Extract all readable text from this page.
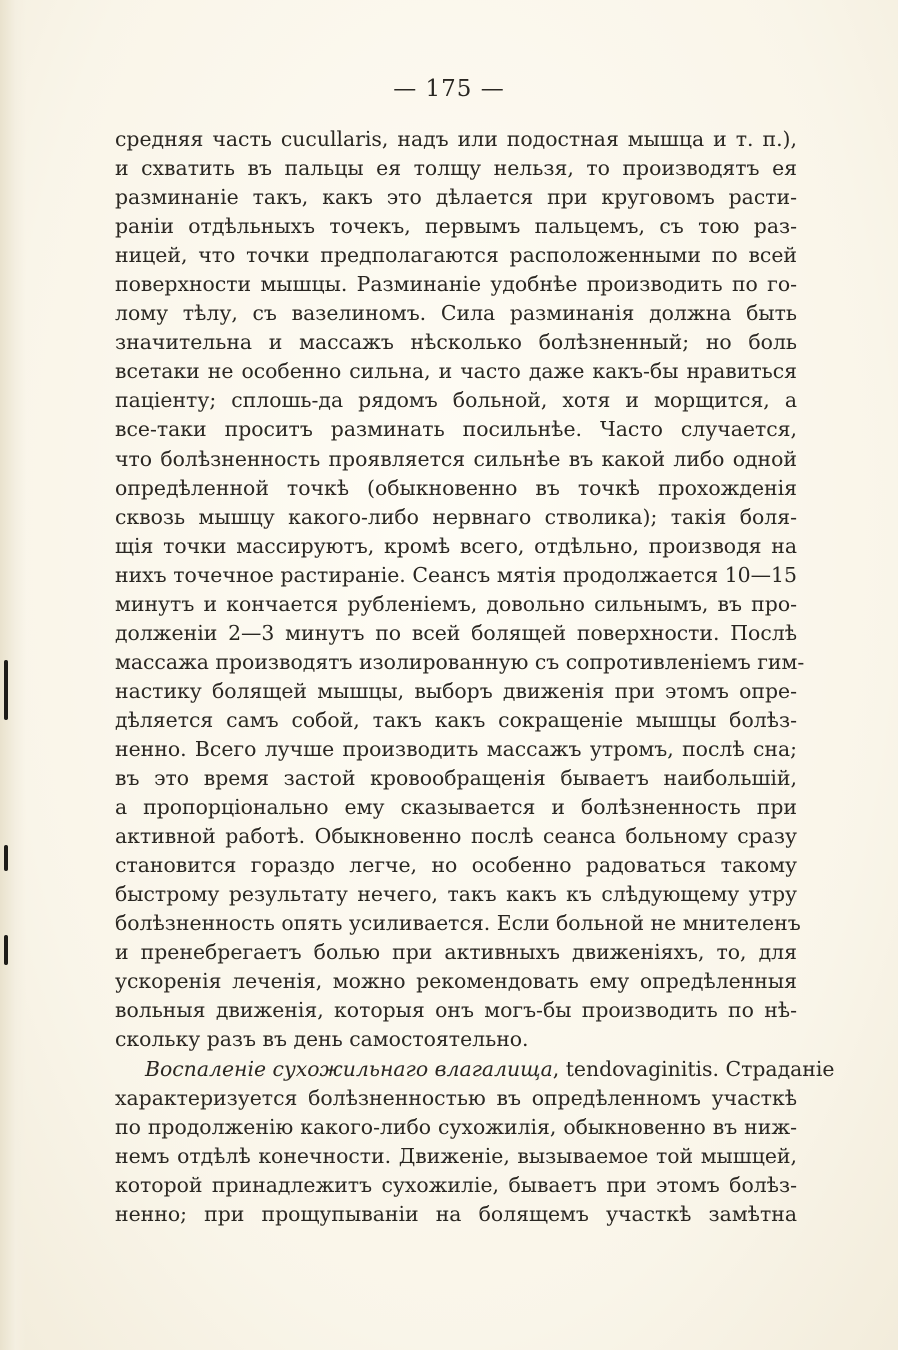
— 175 —
средняя часть cucullaris, надъ или подостная мышца и т. п.),
и схватить въ пальцы ея толщу нельзя, то производятъ ея
разминанiе такъ, какъ это дѣлается при круговомъ расти-
ранiи отдѣльныхъ точекъ, первымъ пальцемъ, съ тою раз-
ницей, что точки предполагаются расположенными по всей
поверхности мышцы. Разминанiе удобнѣе производить по го-
лому тѣлу, съ вазелиномъ. Сила разминанiя должна быть
значительна и массажъ нѣсколько болѣзненный; но боль
всетаки не особенно сильна, и часто даже какъ-бы нравиться
пацiенту; сплошь-да рядомъ больной, хотя и морщится, а
все-таки проситъ разминать посильнѣе. Часто случается,
что болѣзненность проявляется сильнѣе въ какой либо одной
опредѣленной точкѣ (обыкновенно въ точкѣ прохожденiя
сквозь мышцу какого-либо нервнаго стволика); такiя боля-
щiя точки массируютъ, кромѣ всего, отдѣльно, производя на
нихъ точечное растиранiе. Сеансъ мятiя продолжается 10—15
минутъ и кончается рубленiемъ, довольно сильнымъ, въ про-
долженiи 2—3 минутъ по всей болящей поверхности. Послѣ
массажа производятъ изолированную съ сопротивленiемъ гим-
настику болящей мышцы, выборъ движенiя при этомъ опре-
дѣляется самъ собой, такъ какъ сокращенiе мышцы болѣз-
ненно. Всего лучше производить массажъ утромъ, послѣ сна;
въ это время застой кровообращенiя бываетъ наибольшiй,
а пропорцiонально ему сказывается и болѣзненность при
активной работѣ. Обыкновенно послѣ сеанса больному сразу
становится гораздо легче, но особенно радоваться такому
быстрому результату нечего, такъ какъ къ слѣдующему утру
болѣзненность опять усиливается. Если больной не мнителенъ
и пренебрегаетъ болью при активныхъ движенiяхъ, то, для
ускоренiя леченiя, можно рекомендовать ему опредѣленныя
вольныя движенiя, которыя онъ могъ-бы производить по нѣ-
скольку разъ въ день самостоятельно.
Воспаленiе сухожильнаго влагалища, tendovaginitis. Страданiе
характеризуется болѣзненностью въ опредѣленномъ участкѣ
по продолженiю какого-либо сухожилiя, обыкновенно въ ниж-
немъ отдѣлѣ конечности. Движенiе, вызываемое той мышцей,
которой принадлежитъ сухожилiе, бываетъ при этомъ болѣз-
ненно; при прощупыванiи на болящемъ участкѣ замѣтна
